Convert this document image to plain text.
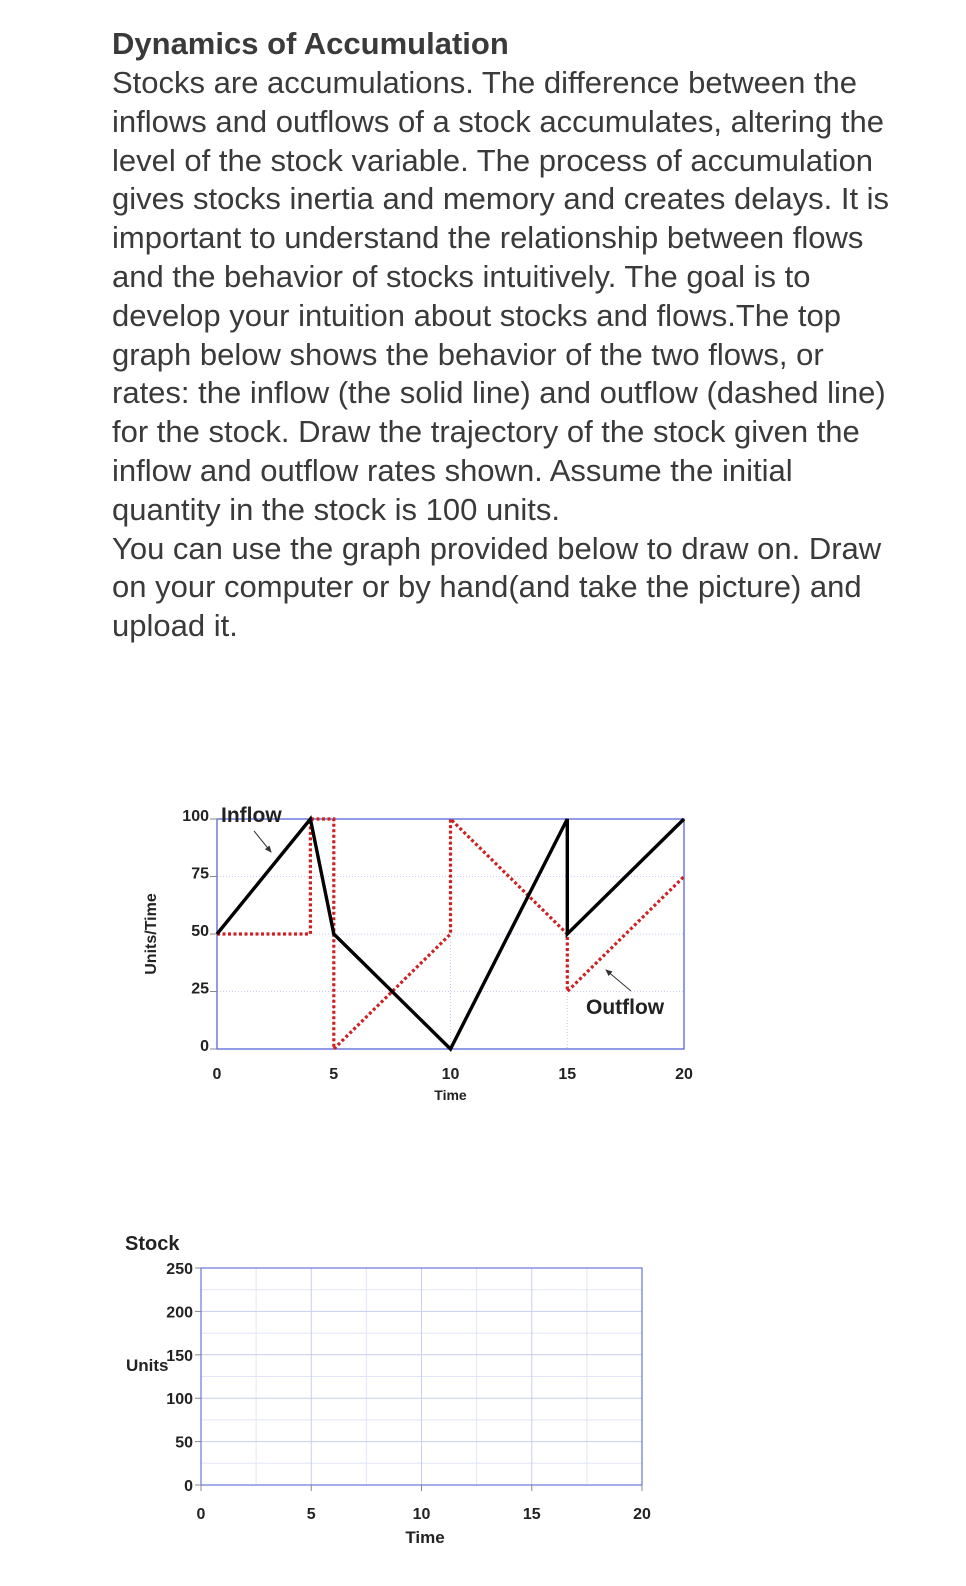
Dynamics of Accumulation

Stocks are accumulations. The difference between the inflows and outflows of a stock accumulates, altering the level of the stock variable. The process of accumulation gives stocks inertia and memory and creates delays. It is important to understand the relationship between flows and the behavior of stocks intuitively. The goal is to develop your intuition about stocks and flows.The top graph below shows the behavior of the two flows, or rates: the inflow (the solid line) and outflow (dashed line) for the stock. Draw the trajectory of the stock given the inflow and outflow rates shown. Assume the initial quantity in the stock is 100 units.

You can use the graph provided below to draw on. Draw on your computer or by hand(and take the picture) and upload it.

0
25
50
75
100
0	5	10	15	20
Time
Units/Time
Inflow
Outflow
0
50
100
150
200
250
0	5	10	15	20
Stock
Units
Time
